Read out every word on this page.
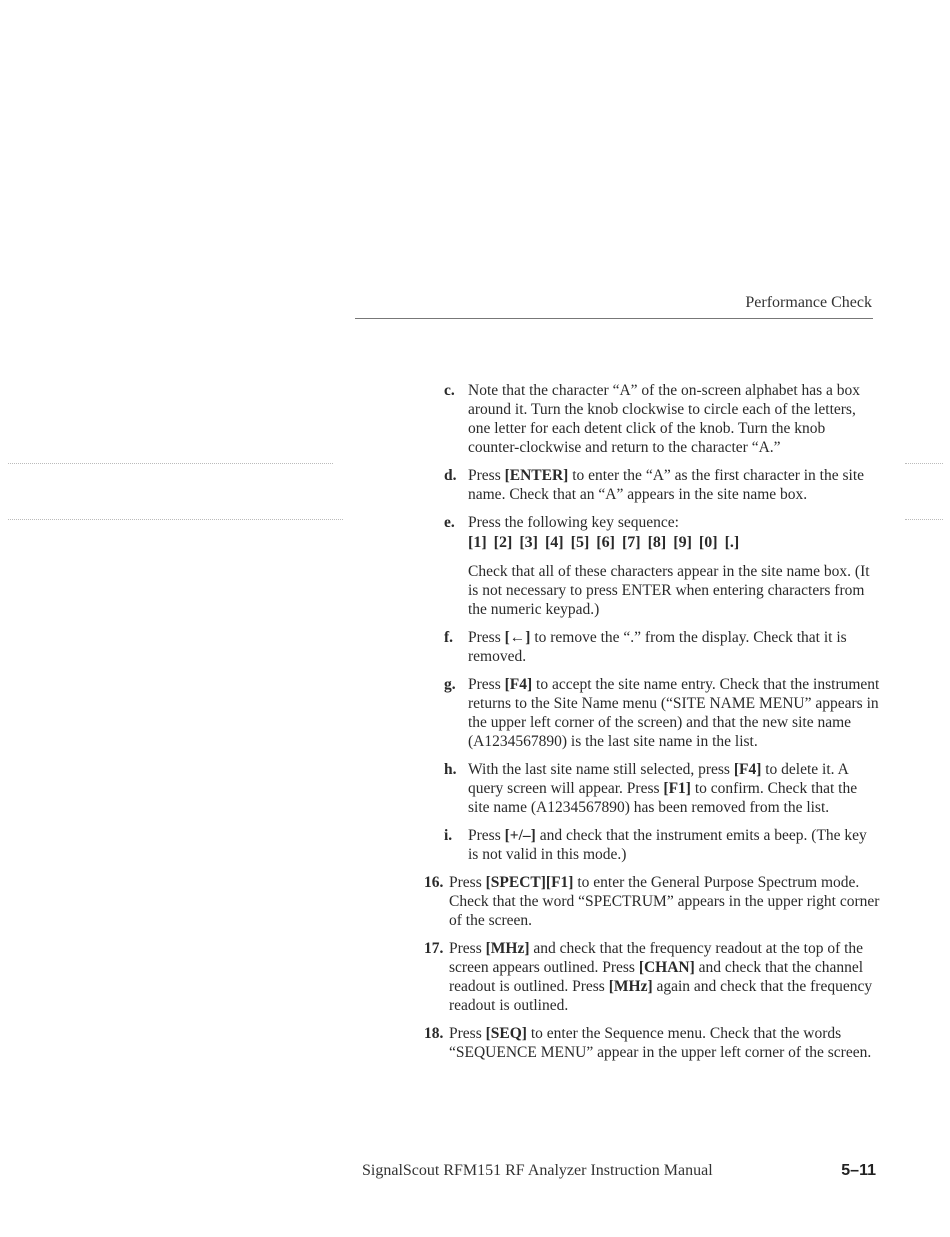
Performance Check
c. Note that the character “A” of the on-screen alphabet has a box around it. Turn the knob clockwise to circle each of the letters, one letter for each detent click of the knob. Turn the knob counter-clockwise and return to the character “A.”
d. Press [ENTER] to enter the “A” as the first character in the site name. Check that an “A” appears in the site name box.
e. Press the following key sequence:
[1] [2] [3] [4] [5] [6] [7] [8] [9] [0] [.]
Check that all of these characters appear in the site name box. (It is not necessary to press ENTER when entering characters from the numeric keypad.)
f. Press [←] to remove the “.” from the display. Check that it is removed.
g. Press [F4] to accept the site name entry. Check that the instrument returns to the Site Name menu (“SITE NAME MENU” appears in the upper left corner of the screen) and that the new site name (A1234567890) is the last site name in the list.
h. With the last site name still selected, press [F4] to delete it. A query screen will appear. Press [F1] to confirm. Check that the site name (A1234567890) has been removed from the list.
i. Press [+/–] and check that the instrument emits a beep. (The key is not valid in this mode.)
16. Press [SPECT][F1] to enter the General Purpose Spectrum mode. Check that the word “SPECTRUM” appears in the upper right corner of the screen.
17. Press [MHz] and check that the frequency readout at the top of the screen appears outlined. Press [CHAN] and check that the channel readout is outlined. Press [MHz] again and check that the frequency readout is outlined.
18. Press [SEQ] to enter the Sequence menu. Check that the words “SEQUENCE MENU” appear in the upper left corner of the screen.
SignalScout RFM151 RF Analyzer Instruction Manual	5–11
